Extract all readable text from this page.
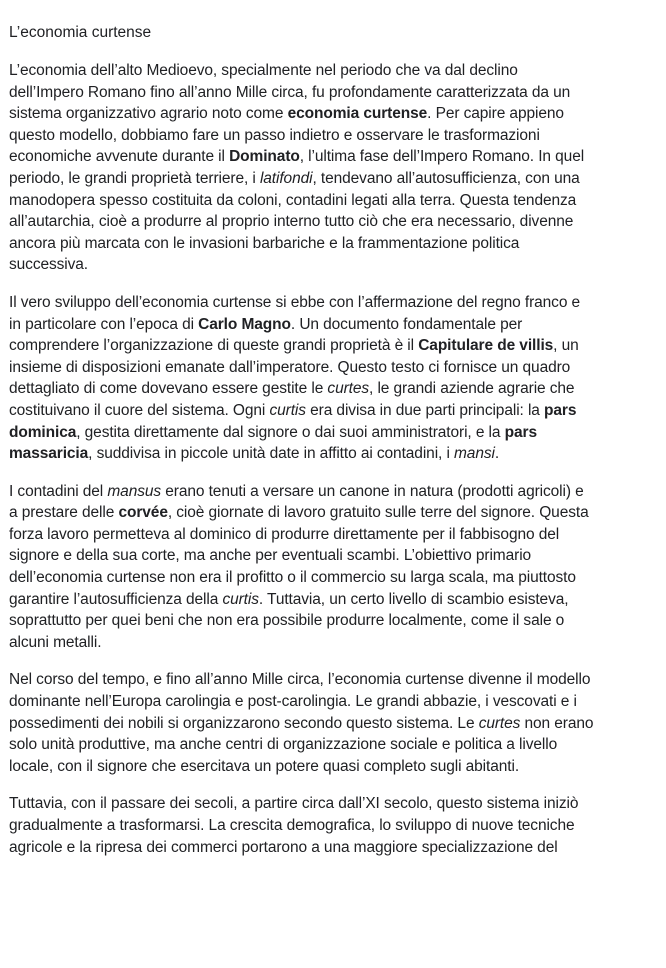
L’economia curtense
L’economia dell’alto Medioevo, specialmente nel periodo che va dal declino
dell’Impero Romano fino all’anno Mille circa, fu profondamente caratterizzata da un
sistema organizzativo agrario noto come economia curtense. Per capire appieno
questo modello, dobbiamo fare un passo indietro e osservare le trasformazioni
economiche avvenute durante il Dominato, l’ultima fase dell’Impero Romano. In quel
periodo, le grandi proprietà terriere, i latifondi, tendevano all’autosufficienza, con una
manodopera spesso costituita da coloni, contadini legati alla terra. Questa tendenza
all’autarchia, cioè a produrre al proprio interno tutto ciò che era necessario, divenne
ancora più marcata con le invasioni barbariche e la frammentazione politica
successiva.
Il vero sviluppo dell’economia curtense si ebbe con l’affermazione del regno franco e
in particolare con l’epoca di Carlo Magno. Un documento fondamentale per
comprendere l’organizzazione di queste grandi proprietà è il Capitulare de villis, un
insieme di disposizioni emanate dall’imperatore. Questo testo ci fornisce un quadro
dettagliato di come dovevano essere gestite le curtes, le grandi aziende agrarie che
costituivano il cuore del sistema. Ogni curtis era divisa in due parti principali: la pars
dominica, gestita direttamente dal signore o dai suoi amministratori, e la pars
massaricia, suddivisa in piccole unità date in affitto ai contadini, i mansi.
I contadini del mansus erano tenuti a versare un canone in natura (prodotti agricoli) e
a prestare delle corvée, cioè giornate di lavoro gratuito sulle terre del signore. Questa
forza lavoro permetteva al dominico di produrre direttamente per il fabbisogno del
signore e della sua corte, ma anche per eventuali scambi. L’obiettivo primario
dell’economia curtense non era il profitto o il commercio su larga scala, ma piuttosto
garantire l’autosufficienza della curtis. Tuttavia, un certo livello di scambio esisteva,
soprattutto per quei beni che non era possibile produrre localmente, come il sale o
alcuni metalli.
Nel corso del tempo, e fino all’anno Mille circa, l’economia curtense divenne il modello
dominante nell’Europa carolingia e post-carolingia. Le grandi abbazie, i vescovati e i
possedimenti dei nobili si organizzarono secondo questo sistema. Le curtes non erano
solo unità produttive, ma anche centri di organizzazione sociale e politica a livello
locale, con il signore che esercitava un potere quasi completo sugli abitanti.
Tuttavia, con il passare dei secoli, a partire circa dall’XI secolo, questo sistema iniziò
gradualmente a trasformarsi. La crescita demografica, lo sviluppo di nuove tecniche
agricole e la ripresa dei commerci portarono a una maggiore specializzazione del
